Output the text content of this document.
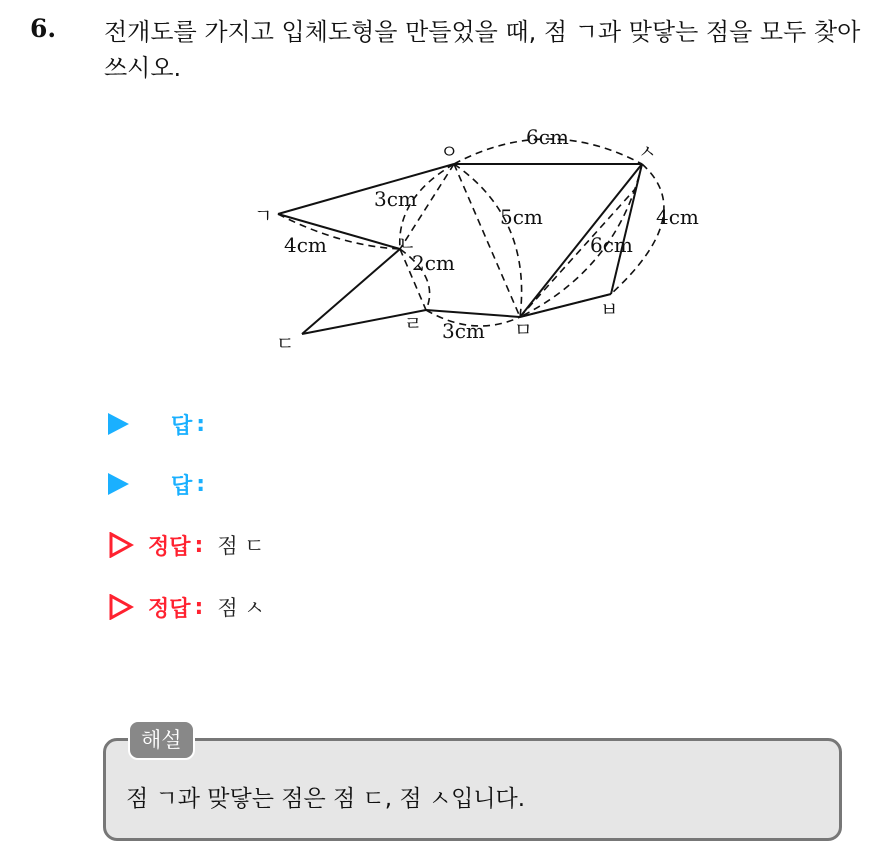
6. 전개도를 가지고 입체도형을 만들었을 때, 점 ㄱ과 맞닿는 점을 모두 찾아 쓰시오.
ㄱ
ㄴ
ㄷ
ㄹ	ㅁ
ㅂ
ㅅ
ㅇ
6cm
3cm
5cm	4cm
6cm
4cm
2cm
3cm
답 :
답 :
정답 : 점 ㄷ
정답 : 점 ㅅ
해설
점 ㄱ과 맞닿는 점은 점 ㄷ, 점 ㅅ입니다.
